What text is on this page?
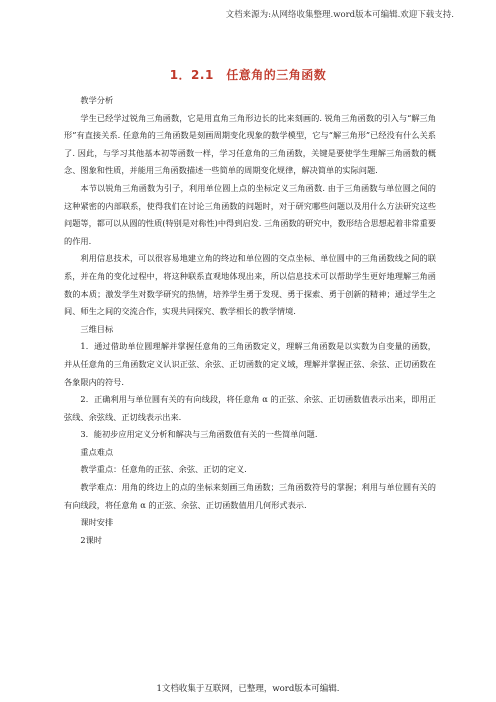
文档来源为:从网络收集整理.word版本可编辑.欢迎下载支持.
1．2.1　任意角的三角函数

教学分析

学生已经学过锐角三角函数，它是用直角三角形边长的比来刻画的. 锐角三角函数的引入与“解三角形”有直接关系. 任意角的三角函数是刻画周期变化现象的数学模型，它与“解三角形”已经没有什么关系了. 因此，与学习其他基本初等函数一样，学习任意角的三角函数，关键是要使学生理解三角函数的概念、图象和性质，并能用三角函数描述一些简单的周期变化规律，解决简单的实际问题.

本节以锐角三角函数为引子，利用单位圆上点的坐标定义三角函数. 由于三角函数与单位圆之间的这种紧密的内部联系，使得我们在讨论三角函数的问题时，对于研究哪些问题以及用什么方法研究这些问题等，都可以从圆的性质(特别是对称性)中得到启发. 三角函数的研究中，数形结合思想起着非常重要的作用.

利用信息技术，可以很容易地建立角的终边和单位圆的交点坐标、单位圆中的三角函数线之间的联系，并在角的变化过程中，将这种联系直观地体现出来，所以信息技术可以帮助学生更好地理解三角函数的本质；激发学生对数学研究的热情，培养学生勇于发现、勇于探索、勇于创新的精神；通过学生之间、师生之间的交流合作，实现共同探究、教学相长的教学情境.

三维目标

1．通过借助单位圆理解并掌握任意角的三角函数定义，理解三角函数是以实数为自变量的函数，并从任意角的三角函数定义认识正弦、余弦、正切函数的定义域，理解并掌握正弦、余弦、正切函数在各象限内的符号.

2．正确利用与单位圆有关的有向线段，将任意角 α 的正弦、余弦、正切函数值表示出来，即用正弦线、余弦线、正切线表示出来.

3．能初步应用定义分析和解决与三角函数值有关的一些简单问题.

重点难点

教学重点：任意角的正弦、余弦、正切的定义.

教学难点：用角的终边上的点的坐标来刻画三角函数；三角函数符号的掌握；利用与单位圆有关的有向线段，将任意角 α 的正弦、余弦、正切函数值用几何形式表示.

课时安排

2课时

1文档收集于互联网，已整理，word版本可编辑.
